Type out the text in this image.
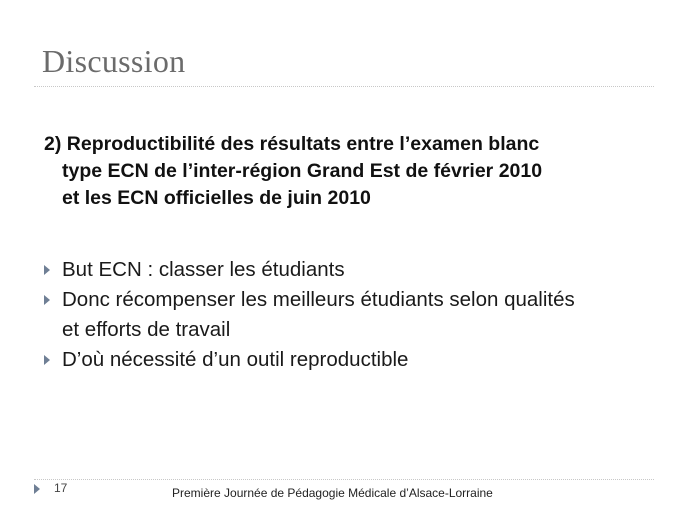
Discussion
2) Reproductibilité des résultats entre l’examen blanc
type ECN de l’inter-région Grand Est de février 2010
et les ECN officielles de juin 2010
But ECN : classer les étudiants
Donc récompenser les meilleurs étudiants selon qualités
et efforts de travail
D’où nécessité d’un outil reproductible
17	Première Journée de Pédagogie Médicale d’Alsace-Lorraine
